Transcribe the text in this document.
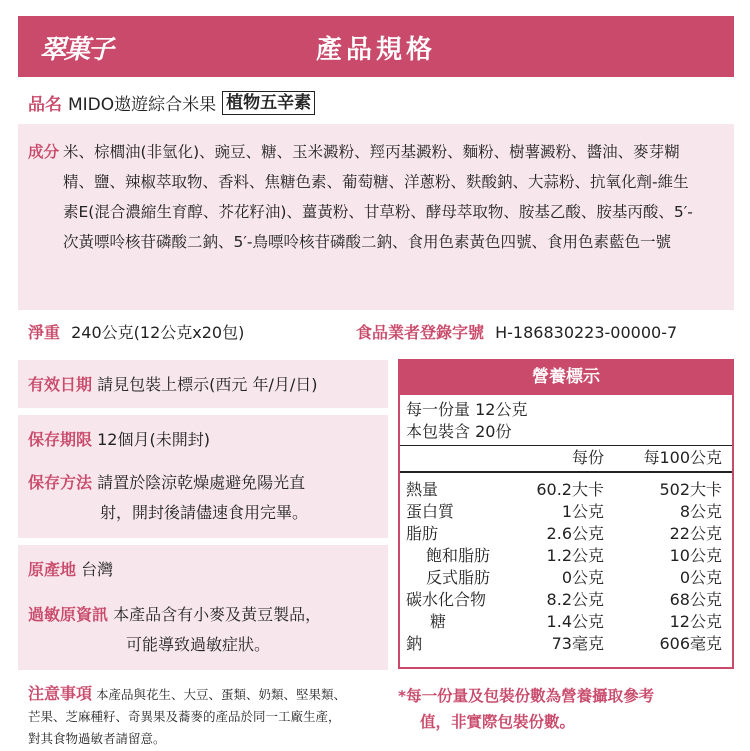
翠菓子	產品規格
品名 MIDO遨遊綜合米果 植物五辛素
成分 米、棕櫚油(非氫化)、豌豆、糖、玉米澱粉、羥丙基澱粉、麵粉、樹薯澱粉、醬油、麥芽糊精、鹽、辣椒萃取物、香料、焦糖色素、葡萄糖、洋蔥粉、麩酸鈉、大蒜粉、抗氧化劑-維生素E(混合濃縮生育醇、芥花籽油)、薑黃粉、甘草粉、酵母萃取物、胺基乙酸、胺基丙酸、5′-次黃嘌呤核苷磷酸二鈉、5′-鳥嘌呤核苷磷酸二鈉、食用色素黃色四號、食用色素藍色一號
淨重 240公克(12公克x20包)	食品業者登錄字號 H-186830223-00000-7
有效日期 請見包裝上標示(西元 年/月/日)
保存期限 12個月(未開封)
保存方法 請置於陰涼乾燥處避免陽光直
射，開封後請儘速食用完畢。
原產地 台灣
過敏原資訊 本產品含有小麥及黃豆製品，
可能導致過敏症狀。
營養標示
每一份量 12公克
本包裝含 20份
每份	每100公克
熱量	60.2大卡	502大卡
蛋白質	1公克	8公克
脂肪	2.6公克	22公克
飽和脂肪	1.2公克	10公克
反式脂肪	0公克	0公克
碳水化合物	8.2公克	68公克
糖	1.4公克	12公克
鈉	73毫克	606毫克
注意事項 本產品與花生、大豆、蛋類、奶類、堅果類、
芒果、芝麻種籽、奇異果及蕎麥的產品於同一工廠生產，
對其食物過敏者請留意。
*每一份量及包裝份數為營養攝取參考
值，非實際包裝份數。
